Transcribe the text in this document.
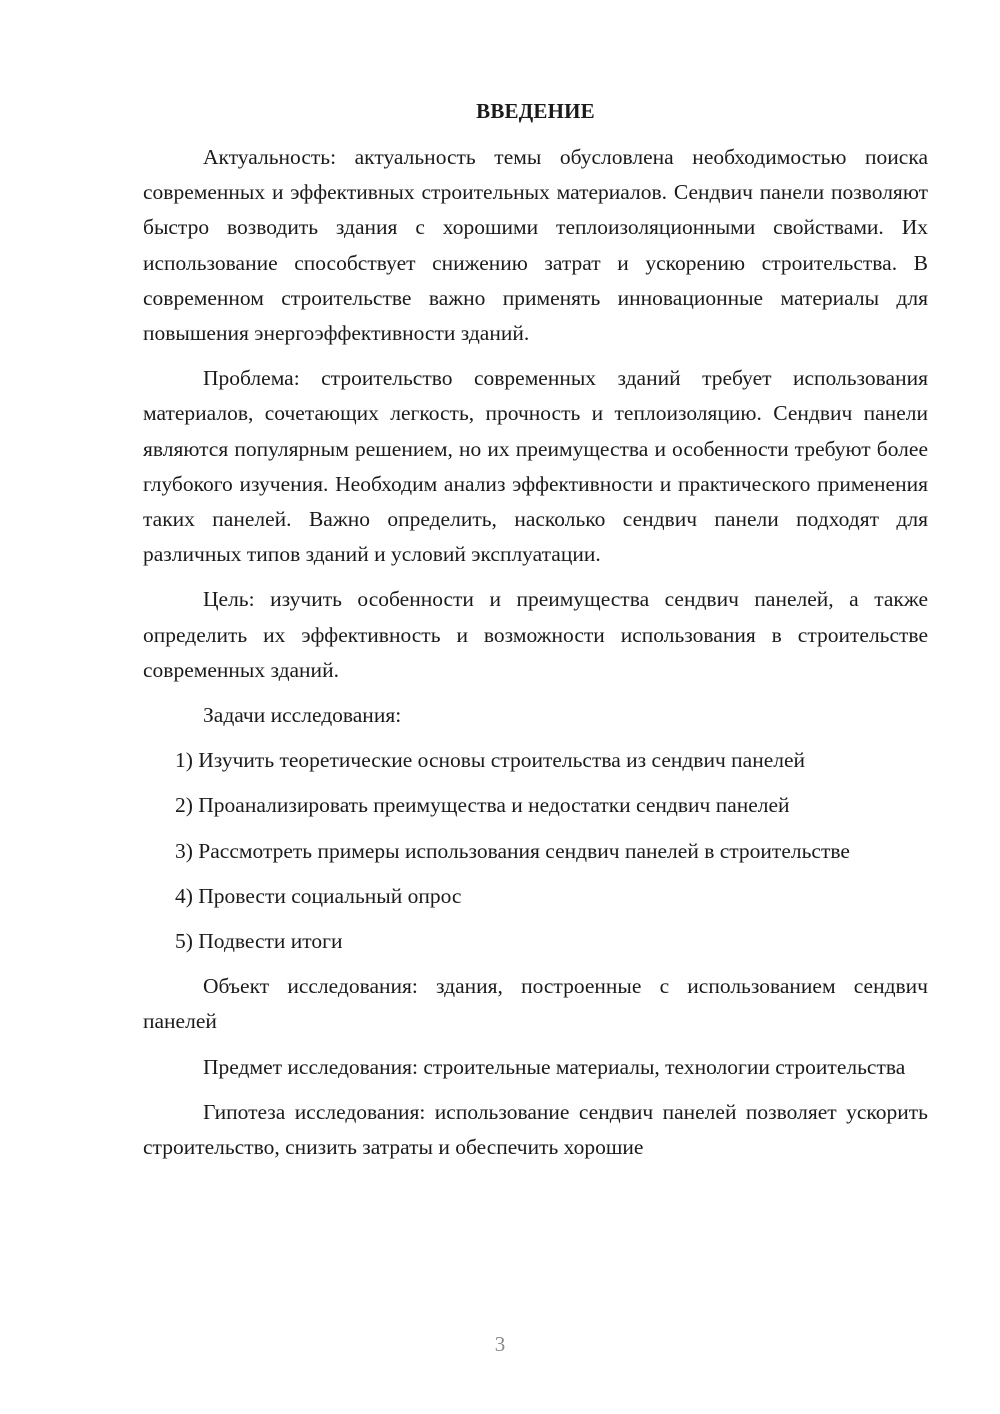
ВВЕДЕНИЕ

Актуальность: актуальность темы обусловлена необходимостью поиска современных и эффективных строительных материалов. Сендвич панели позволяют быстро возводить здания с хорошими теплоизоляционными свойствами. Их использование способствует снижению затрат и ускорению строительства. В современном строительстве важно применять инновационные материалы для повышения энергоэффективности зданий.

Проблема: строительство современных зданий требует использования материалов, сочетающих легкость, прочность и теплоизоляцию. Сендвич панели являются популярным решением, но их преимущества и особенности требуют более глубокого изучения. Необходим анализ эффективности и практического применения таких панелей. Важно определить, насколько сендвич панели подходят для различных типов зданий и условий эксплуатации.

Цель: изучить особенности и преимущества сендвич панелей, а также определить их эффективность и возможности использования в строительстве современных зданий.

Задачи исследования:

1) Изучить теоретические основы строительства из сендвич панелей

2) Проанализировать преимущества и недостатки сендвич панелей

3) Рассмотреть примеры использования сендвич панелей в строительстве

4) Провести социальный опрос

5) Подвести итоги

Объект исследования: здания, построенные с использованием сендвич панелей

Предмет исследования: строительные материалы, технологии строительства

Гипотеза исследования: использование сендвич панелей позволяет ускорить строительство, снизить затраты и обеспечить хорошие

3
